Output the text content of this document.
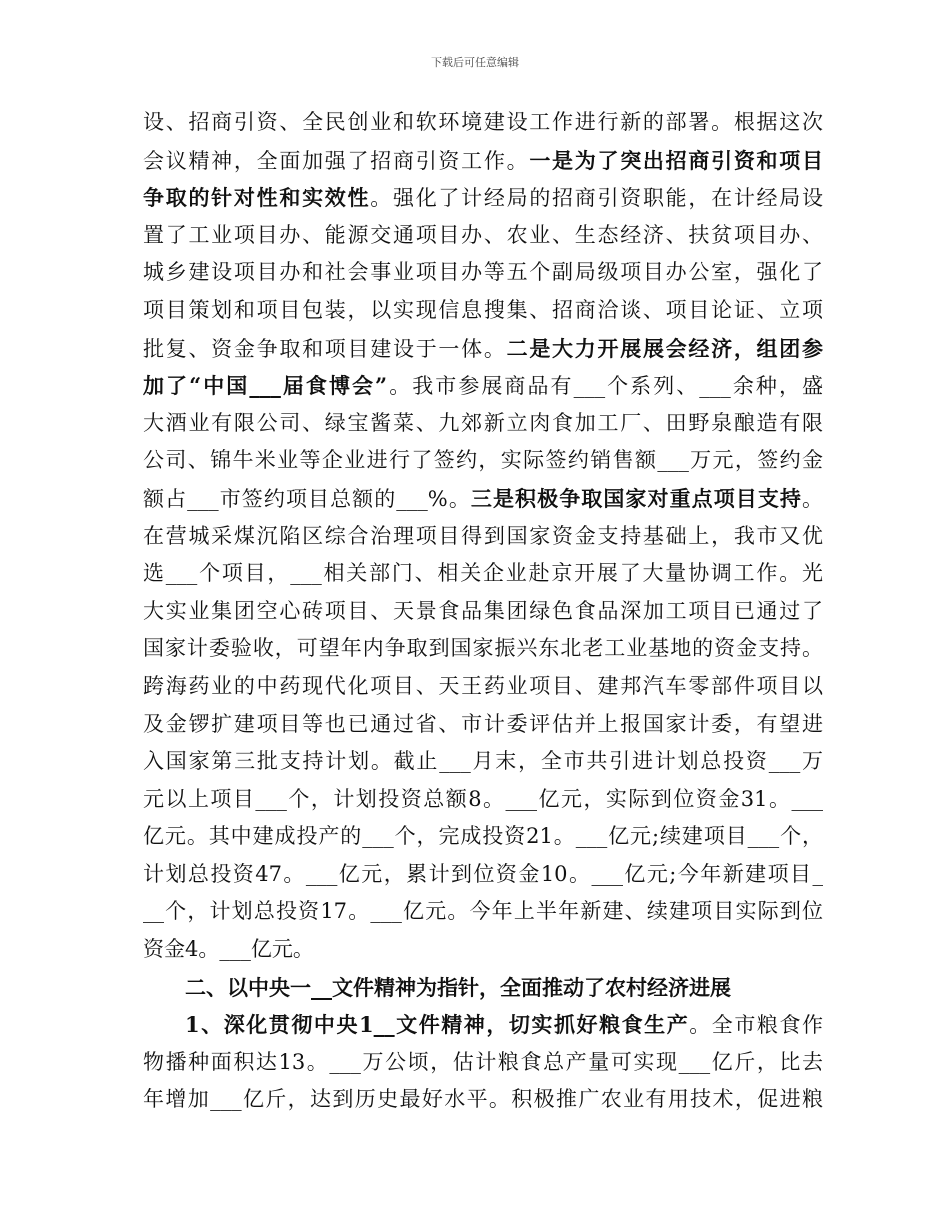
下载后可任意编辑
设、招商引资、全民创业和软环境建设工作进行新的部署。根据这次
会议精神，全面加强了招商引资工作。一是为了突出招商引资和项目
争取的针对性和实效性。强化了计经局的招商引资职能，在计经局设
置了工业项目办、能源交通项目办、农业、生态经济、扶贫项目办、
城乡建设项目办和社会事业项目办等五个副局级项目办公室，强化了
项目策划和项目包装，以实现信息搜集、招商洽谈、项目论证、立项
批复、资金争取和项目建设于一体。二是大力开展展会经济，组团参
加了“中国___届食博会”。我市参展商品有___个系列、___余种，盛
大酒业有限公司、绿宝酱菜、九郊新立肉食加工厂、田野泉酿造有限
公司、锦牛米业等企业进行了签约，实际签约销售额___万元，签约金
额占___市签约项目总额的___%。三是积极争取国家对重点项目支持。
在营城采煤沉陷区综合治理项目得到国家资金支持基础上，我市又优
选___个项目，___相关部门、相关企业赴京开展了大量协调工作。光
大实业集团空心砖项目、天景食品集团绿色食品深加工项目已通过了
国家计委验收，可望年内争取到国家振兴东北老工业基地的资金支持。
跨海药业的中药现代化项目、天王药业项目、建邦汽车零部件项目以
及金锣扩建项目等也已通过省、市计委评估并上报国家计委，有望进
入国家第三批支持计划。截止___月末，全市共引进计划总投资___万
元以上项目___个，计划投资总额8。___亿元，实际到位资金31。___
亿元。其中建成投产的___个，完成投资21。___亿元;续建项目___个，
计划总投资47。___亿元，累计到位资金10。___亿元;今年新建项目_
__个，计划总投资17。___亿元。今年上半年新建、续建项目实际到位
资金4。___亿元。
二、以中央一__文件精神为指针，全面推动了农村经济进展
1、深化贯彻中央1__文件精神，切实抓好粮食生产。全市粮食作
物播种面积达13。___万公顷，估计粮食总产量可实现___亿斤，比去
年增加___亿斤，达到历史最好水平。积极推广农业有用技术，促进粮
